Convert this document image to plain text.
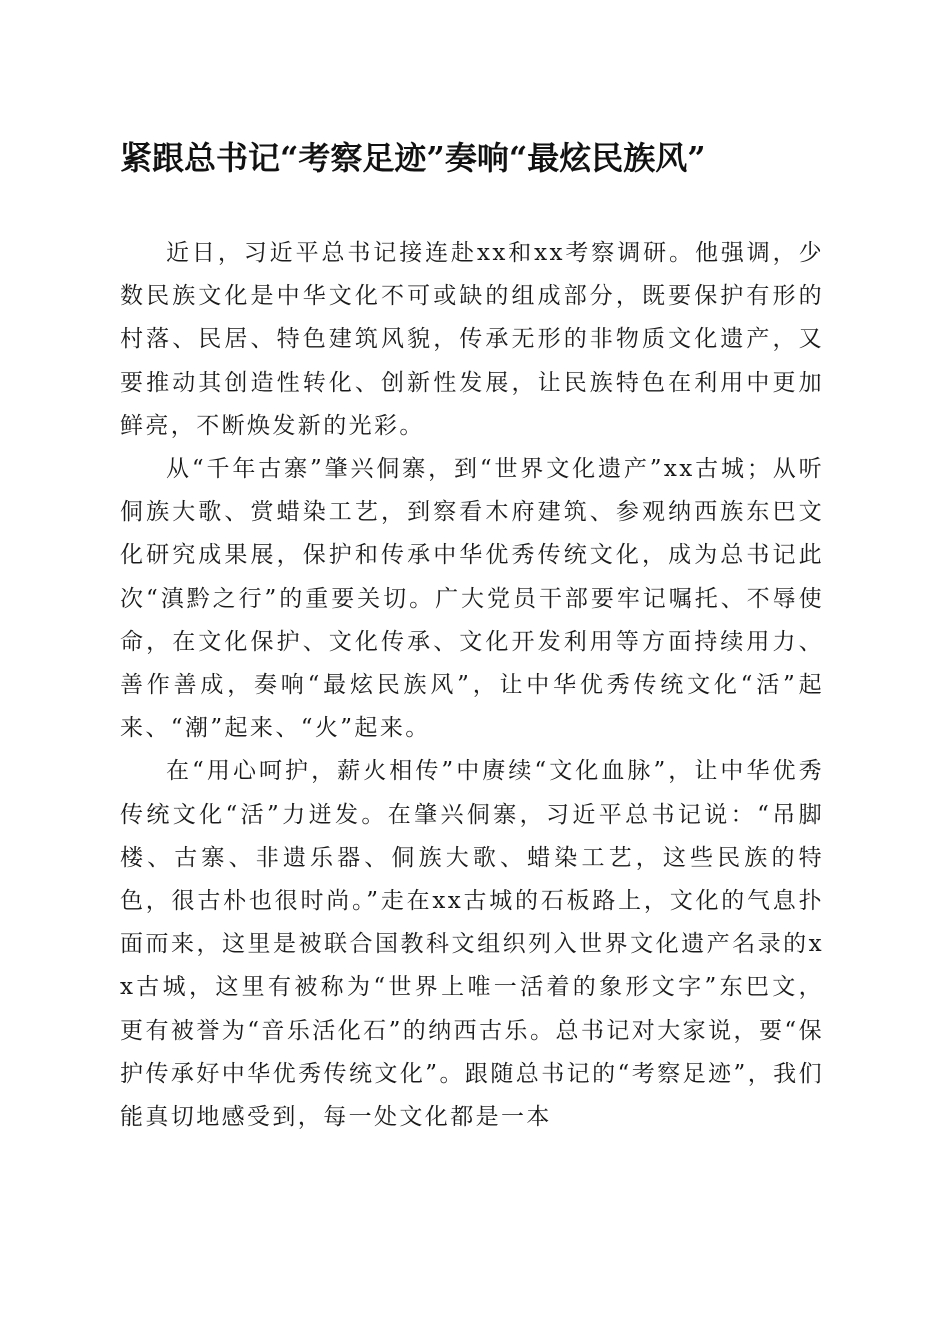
紧跟总书记“考察足迹”奏响“最炫民族风”

近日，习近平总书记接连赴xx和xx考察调研。他强调，少数民族文化是中华文化不可或缺的组成部分，既要保护有形的村落、民居、特色建筑风貌，传承无形的非物质文化遗产，又要推动其创造性转化、创新性发展，让民族特色在利用中更加鲜亮，不断焕发新的光彩。

从“千年古寨”肇兴侗寨，到“世界文化遗产”xx古城；从听侗族大歌、赏蜡染工艺，到察看木府建筑、参观纳西族东巴文化研究成果展，保护和传承中华优秀传统文化，成为总书记此次“滇黔之行”的重要关切。广大党员干部要牢记嘱托、不辱使命，在文化保护、文化传承、文化开发利用等方面持续用力、善作善成，奏响“最炫民族风”，让中华优秀传统文化“活”起来、“潮”起来、“火”起来。

在“用心呵护，薪火相传”中赓续“文化血脉”，让中华优秀传统文化“活”力迸发。在肇兴侗寨，习近平总书记说：“吊脚楼、古寨、非遗乐器、侗族大歌、蜡染工艺，这些民族的特色，很古朴也很时尚。”走在xx古城的石板路上，文化的气息扑面而来，这里是被联合国教科文组织列入世界文化遗产名录的xx古城，这里有被称为“世界上唯一活着的象形文字”东巴文，更有被誉为“音乐活化石”的纳西古乐。总书记对大家说，要“保护传承好中华优秀传统文化”。跟随总书记的“考察足迹”，我们能真切地感受到，每一处文化都是一本
